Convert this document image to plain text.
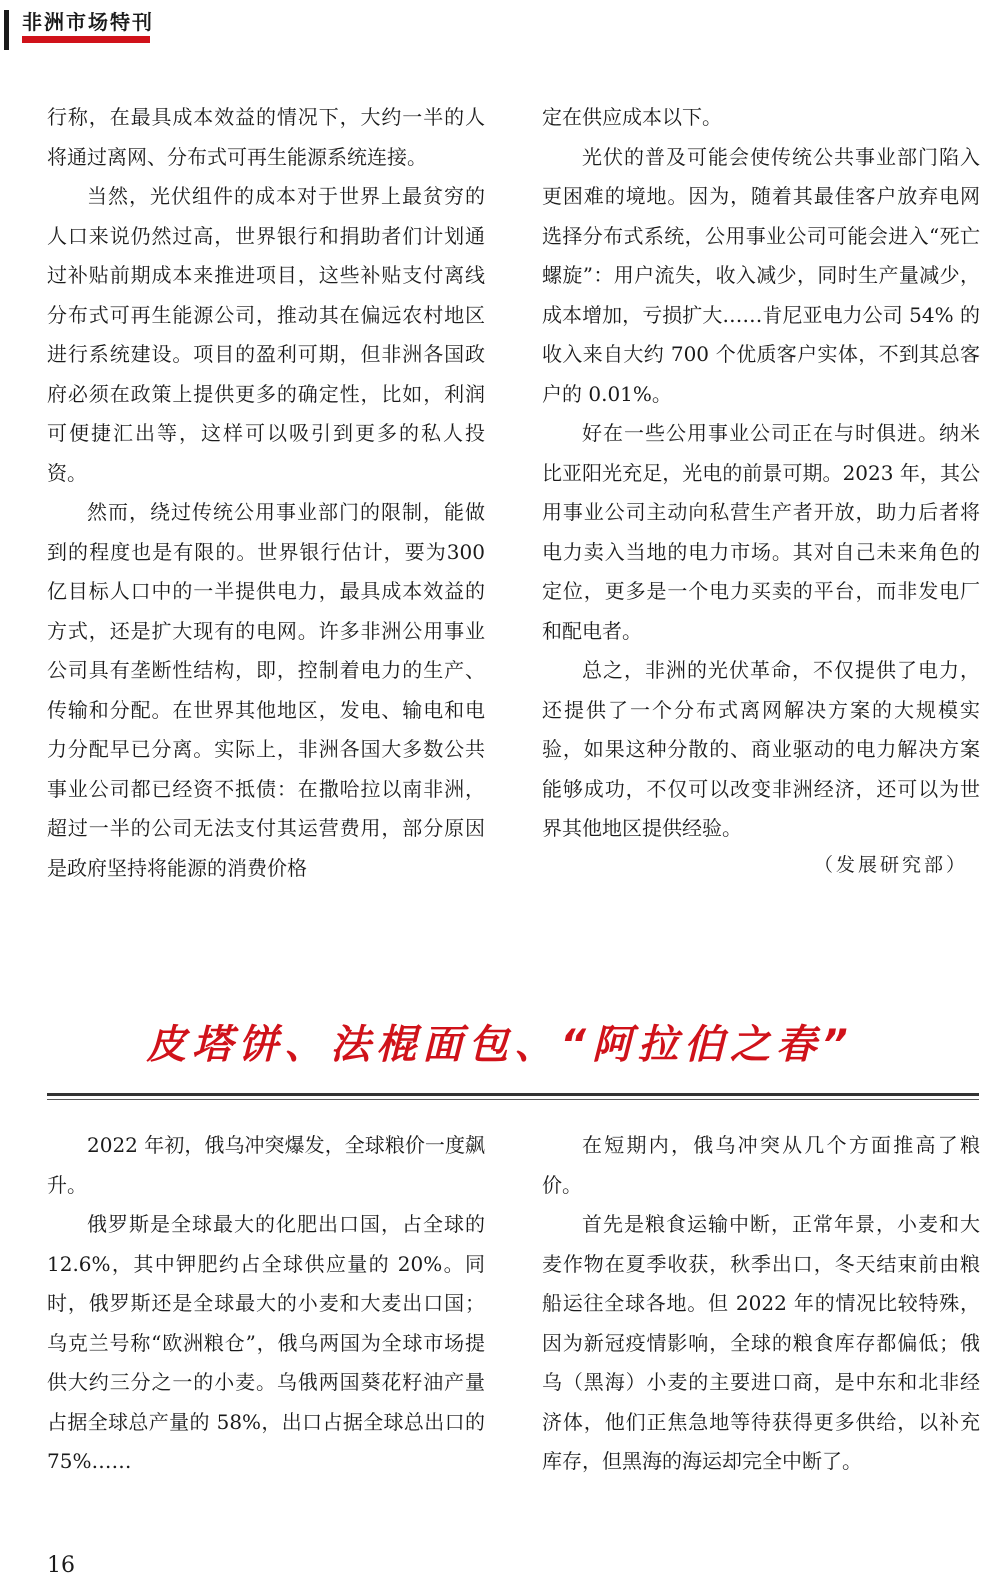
非洲市场特刊

行称，在最具成本效益的情况下，大约一半的人将通过离网、分布式可再生能源系统连接。

当然，光伏组件的成本对于世界上最贫穷的人口来说仍然过高，世界银行和捐助者们计划通过补贴前期成本来推进项目，这些补贴支付离线分布式可再生能源公司，推动其在偏远农村地区进行系统建设。项目的盈利可期，但非洲各国政府必须在政策上提供更多的确定性，比如，利润可便捷汇出等，这样可以吸引到更多的私人投资。

然而，绕过传统公用事业部门的限制，能做到的程度也是有限的。世界银行估计，要为300亿目标人口中的一半提供电力，最具成本效益的方式，还是扩大现有的电网。许多非洲公用事业公司具有垄断性结构，即，控制着电力的生产、传输和分配。在世界其他地区，发电、输电和电力分配早已分离。实际上，非洲各国大多数公共事业公司都已经资不抵债：在撒哈拉以南非洲，超过一半的公司无法支付其运营费用，部分原因是政府坚持将能源的消费价格

定在供应成本以下。

光伏的普及可能会使传统公共事业部门陷入更困难的境地。因为，随着其最佳客户放弃电网选择分布式系统，公用事业公司可能会进入“死亡螺旋”：用户流失，收入减少，同时生产量减少，成本增加，亏损扩大……肯尼亚电力公司 54% 的收入来自大约 700 个优质客户实体，不到其总客户的 0.01%。

好在一些公用事业公司正在与时俱进。纳米比亚阳光充足，光电的前景可期。2023 年，其公用事业公司主动向私营生产者开放，助力后者将电力卖入当地的电力市场。其对自己未来角色的定位，更多是一个电力买卖的平台，而非发电厂和配电者。

总之，非洲的光伏革命，不仅提供了电力，还提供了一个分布式离网解决方案的大规模实验，如果这种分散的、商业驱动的电力解决方案能够成功，不仅可以改变非洲经济，还可以为世界其他地区提供经验。

（发展研究部）
皮塔饼、法棍面包、“阿拉伯之春”

2022 年初，俄乌冲突爆发，全球粮价一度飙升。

俄罗斯是全球最大的化肥出口国，占全球的 12.6%，其中钾肥约占全球供应量的 20%。同时，俄罗斯还是全球最大的小麦和大麦出口国；乌克兰号称“欧洲粮仓”，俄乌两国为全球市场提供大约三分之一的小麦。乌俄两国葵花籽油产量占据全球总产量的 58%，出口占据全球总出口的 75%……

在短期内，俄乌冲突从几个方面推高了粮价。

首先是粮食运输中断，正常年景，小麦和大麦作物在夏季收获，秋季出口，冬天结束前由粮船运往全球各地。但 2022 年的情况比较特殊，因为新冠疫情影响，全球的粮食库存都偏低；俄乌（黑海）小麦的主要进口商，是中东和北非经济体，他们正焦急地等待获得更多供给，以补充库存，但黑海的海运却完全中断了。

16
